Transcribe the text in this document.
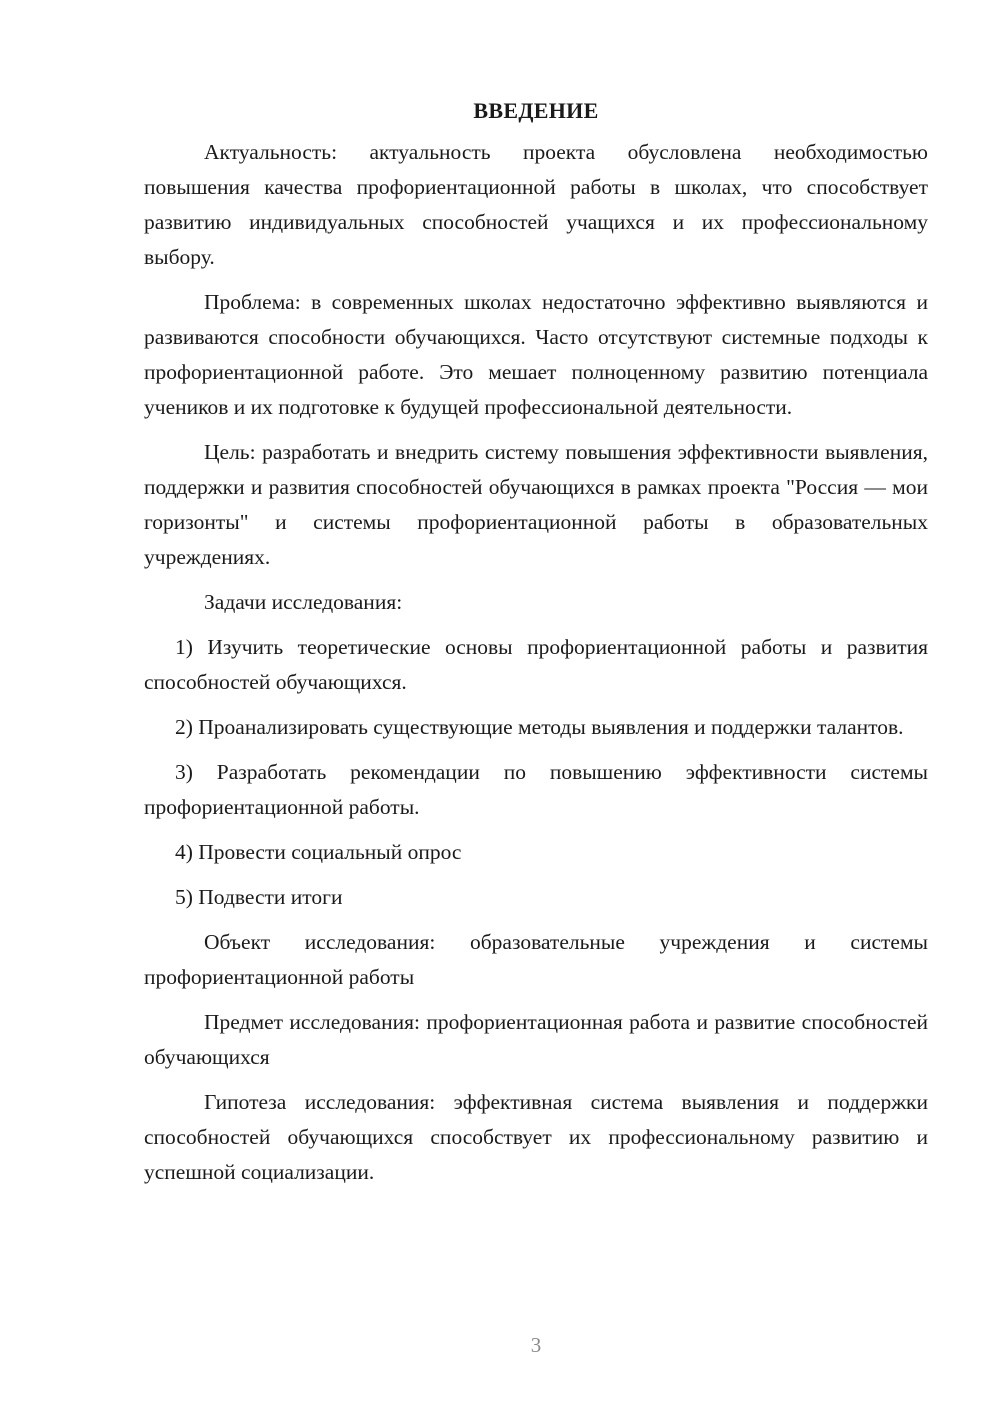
ВВЕДЕНИЕ

Актуальность: актуальность проекта обусловлена необходимостью повышения качества профориентационной работы в школах, что способствует развитию индивидуальных способностей учащихся и их профессиональному выбору.

Проблема: в современных школах недостаточно эффективно выявляются и развиваются способности обучающихся. Часто отсутствуют системные подходы к профориентационной работе. Это мешает полноценному развитию потенциала учеников и их подготовке к будущей профессиональной деятельности.

Цель: разработать и внедрить систему повышения эффективности выявления, поддержки и развития способностей обучающихся в рамках проекта "Россия — мои горизонты" и системы профориентационной работы в образовательных учреждениях.

Задачи исследования:

1) Изучить теоретические основы профориентационной работы и развития способностей обучающихся.

2) Проанализировать существующие методы выявления и поддержки талантов.

3) Разработать рекомендации по повышению эффективности системы профориентационной работы.

4) Провести социальный опрос

5) Подвести итоги

Объект исследования: образовательные учреждения и системы профориентационной работы

Предмет исследования: профориентационная работа и развитие способностей обучающихся

Гипотеза исследования: эффективная система выявления и поддержки способностей обучающихся способствует их профессиональному развитию и успешной социализации.

3
